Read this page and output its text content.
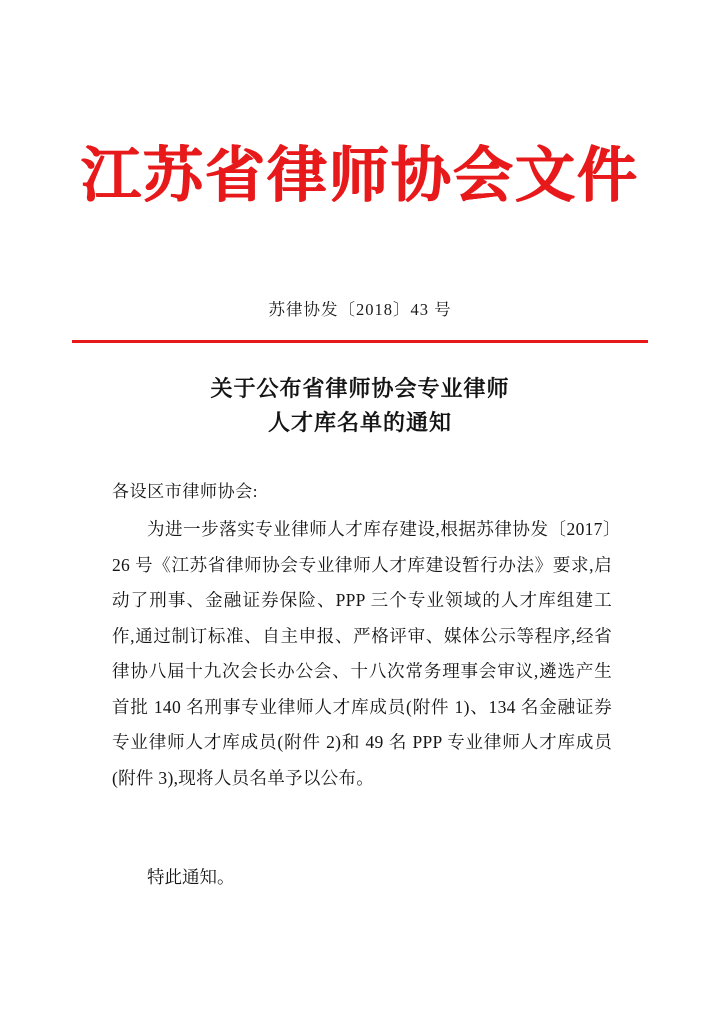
江苏省律师协会文件
苏律协发〔2018〕43 号
关于公布省律师协会专业律师
人才库名单的通知
各设区市律师协会:

为进一步落实专业律师人才库存建设,根据苏律协发〔2017〕26 号《江苏省律师协会专业律师人才库建设暂行办法》要求,启动了刑事、金融证券保险、PPP 三个专业领域的人才库组建工作,通过制订标准、自主申报、严格评审、媒体公示等程序,经省律协八届十九次会长办公会、十八次常务理事会审议,遴选产生首批 140 名刑事专业律师人才库成员(附件 1)、134 名金融证券专业律师人才库成员(附件 2)和 49 名 PPP 专业律师人才库成员(附件 3),现将人员名单予以公布。

特此通知。
